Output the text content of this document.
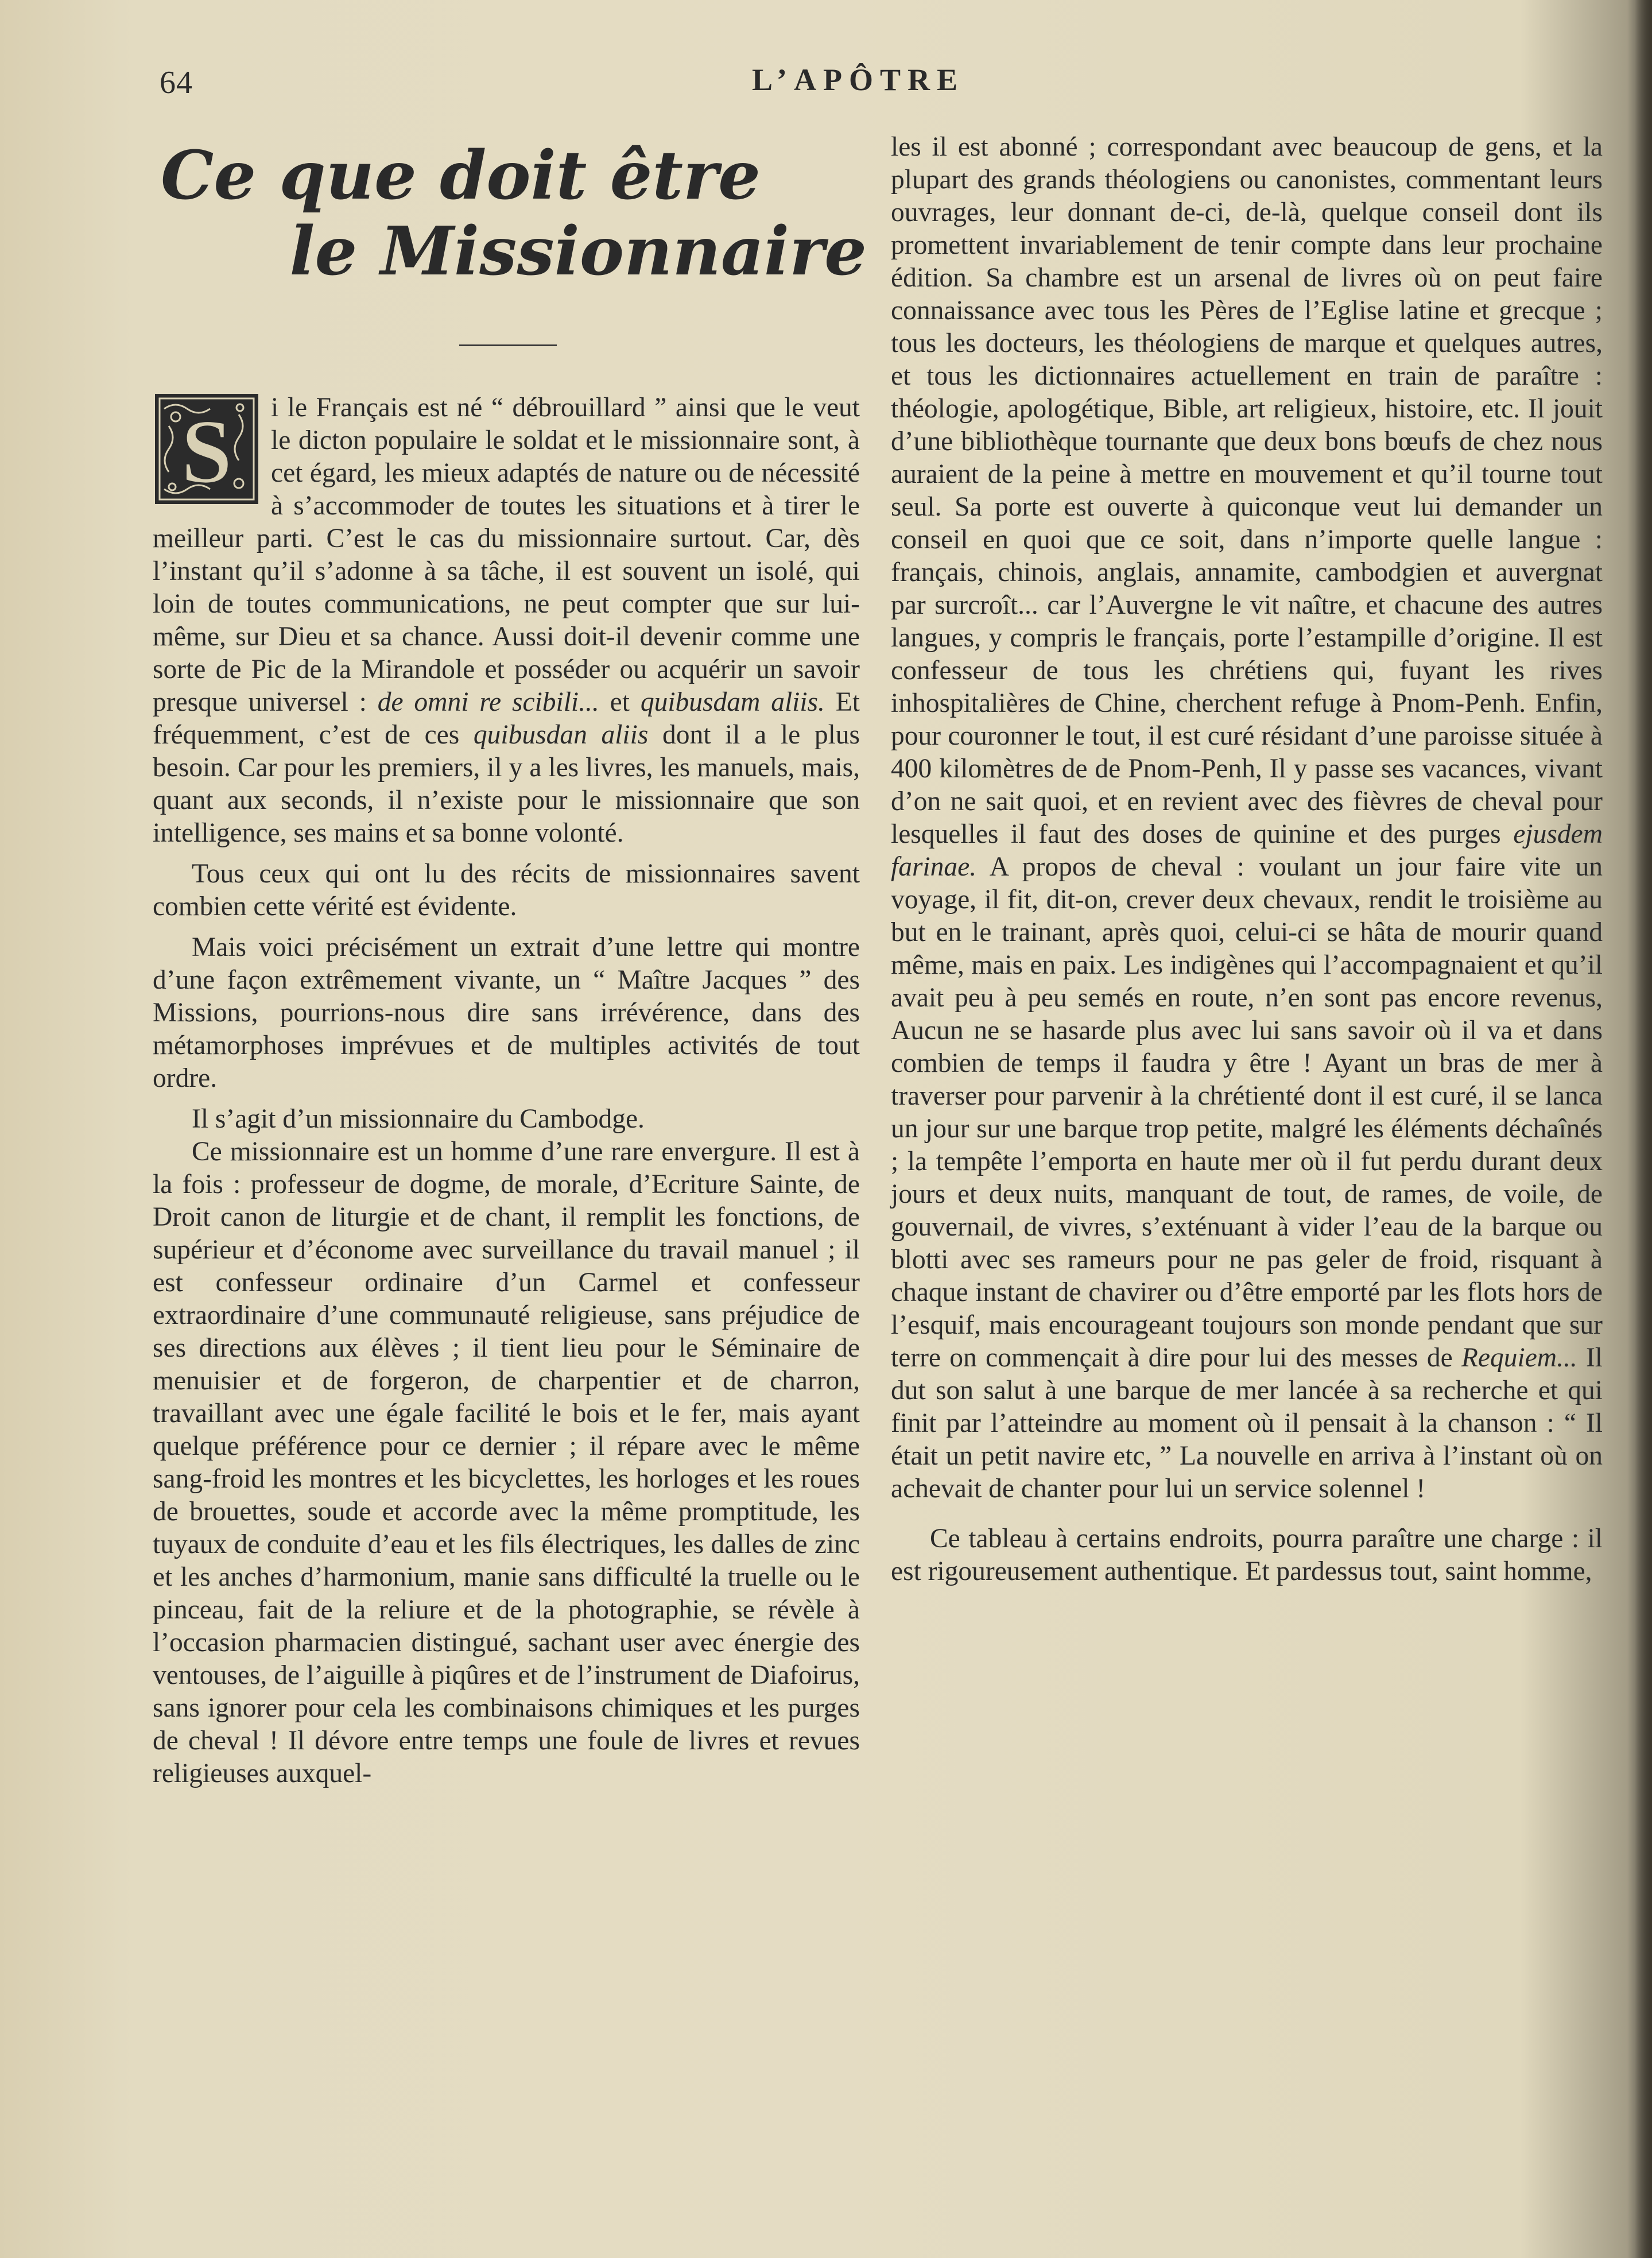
64	L’APÔTRE
Ce que doit être
le Missionnaire

S i le Français est né “ débrouillard ” ainsi que le veut le dicton populaire le soldat et le missionnaire sont, à cet égard, les mieux adaptés de nature ou de nécessité à s’accommoder de toutes les situations et à tirer le meilleur parti. C’est le cas du missionnaire surtout. Car, dès l’instant qu’il s’adonne à sa tâche, il est souvent un isolé, qui loin de toutes communications, ne peut compter que sur lui-même, sur Dieu et sa chance. Aussi doit-il devenir comme une sorte de Pic de la Mirandole et posséder ou acquérir un savoir presque universel : de omni re scibili... et quibusdam aliis. Et fréquemment, c’est de ces quibusdan aliis dont il a le plus besoin. Car pour les premiers, il y a les livres, les manuels, mais, quant aux seconds, il n’existe pour le missionnaire que son intelligence, ses mains et sa bonne volonté.

Tous ceux qui ont lu des récits de missionnaires savent combien cette vérité est évidente.

Mais voici précisément un extrait d’une lettre qui montre d’une façon extrêmement vivante, un “ Maître Jacques ” des Missions, pourrions-nous dire sans irrévérence, dans des métamorphoses imprévues et de multiples activités de tout ordre.

Il s’agit d’un missionnaire du Cambodge.

Ce missionnaire est un homme d’une rare envergure. Il est à la fois : professeur de dogme, de morale, d’Ecriture Sainte, de Droit canon de liturgie et de chant, il remplit les fonctions, de supérieur et d’économe avec surveillance du travail manuel ; il est confesseur ordinaire d’un Carmel et confesseur extraordinaire d’une communauté religieuse, sans préjudice de ses directions aux élèves ; il tient lieu pour le Séminaire de menuisier et de forgeron, de charpentier et de charron, travaillant avec une égale facilité le bois et le fer, mais ayant quelque préférence pour ce dernier ; il répare avec le même sang-froid les montres et les bicyclettes, les horloges et les roues de brouettes, soude et accorde avec la même promptitude, les tuyaux de conduite d’eau et les fils électriques, les dalles de zinc et les anches d’harmonium, manie sans difficulté la truelle ou le pinceau, fait de la reliure et de la photographie, se révèle à l’occasion pharmacien distingué, sachant user avec énergie des ventouses, de l’aiguille à piqûres et de l’instrument de Diafoirus, sans ignorer pour cela les combinaisons chimiques et les purges de cheval ! Il dévore entre temps une foule de livres et revues religieuses auxquel-

les il est abonné ; correspondant avec beaucoup de gens, et la plupart des grands théologiens ou canonistes, commentant leurs ouvrages, leur donnant de-ci, de-là, quelque conseil dont ils promettent invariablement de tenir compte dans leur prochaine édition. Sa chambre est un arsenal de livres où on peut faire connaissance avec tous les Pères de l’Eglise latine et grecque ; tous les docteurs, les théologiens de marque et quelques autres, et tous les dictionnaires actuellement en train de paraître : théologie, apologétique, Bible, art religieux, histoire, etc. Il jouit d’une bibliothèque tournante que deux bons bœufs de chez nous auraient de la peine à mettre en mouvement et qu’il tourne tout seul. Sa porte est ouverte à quiconque veut lui demander un conseil en quoi que ce soit, dans n’importe quelle langue : français, chinois, anglais, annamite, cambodgien et auvergnat par surcroît... car l’Auvergne le vit naître, et chacune des autres langues, y compris le français, porte l’estampille d’origine. Il est confesseur de tous les chrétiens qui, fuyant les rives inhospitalières de Chine, cherchent refuge à Pnom-Penh. Enfin, pour couronner le tout, il est curé résidant d’une paroisse située à 400 kilomètres de de Pnom-Penh, Il y passe ses vacances, vivant d’on ne sait quoi, et en revient avec des fièvres de cheval pour lesquelles il faut des doses de quinine et des purges ejusdem farinae. A propos de cheval : voulant un jour faire vite un voyage, il fit, dit-on, crever deux chevaux, rendit le troisième au but en le trainant, après quoi, celui-ci se hâta de mourir quand même, mais en paix. Les indigènes qui l’accompagnaient et qu’il avait peu à peu semés en route, n’en sont pas encore revenus, Aucun ne se hasarde plus avec lui sans savoir où il va et dans combien de temps il faudra y être ! Ayant un bras de mer à traverser pour parvenir à la chrétienté dont il est curé, il se lanca un jour sur une barque trop petite, malgré les éléments déchaînés ; la tempête l’emporta en haute mer où il fut perdu durant deux jours et deux nuits, manquant de tout, de rames, de voile, de gouvernail, de vivres, s’exténuant à vider l’eau de la barque ou blotti avec ses rameurs pour ne pas geler de froid, risquant à chaque instant de chavirer ou d’être emporté par les flots hors de l’esquif, mais encourageant toujours son monde pendant que sur terre on commençait à dire pour lui des messes de Requiem... Il dut son salut à une barque de mer lancée à sa recherche et qui finit par l’atteindre au moment où il pensait à la chanson : “ Il était un petit navire etc, ” La nouvelle en arriva à l’instant où on achevait de chanter pour lui un service solennel !

Ce tableau à certains endroits, pourra paraître une charge : il est rigoureusement authentique. Et pardessus tout, saint homme,
